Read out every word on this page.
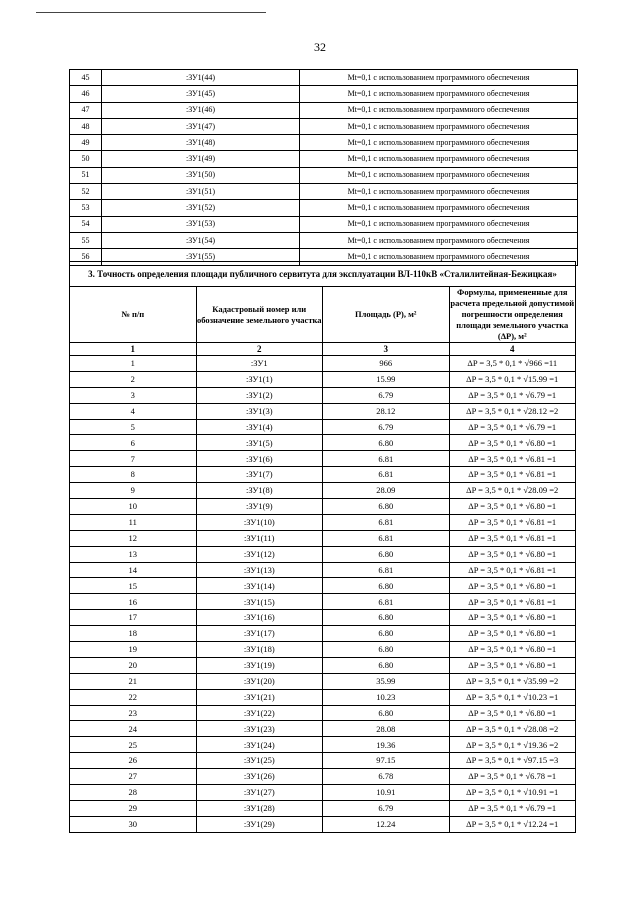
32
45	:ЗУ1(44)	Mt=0,1 с использованием программного обеспечения
46	:ЗУ1(45)	Mt=0,1 с использованием программного обеспечения
47	:ЗУ1(46)	Mt=0,1 с использованием программного обеспечения
48	:ЗУ1(47)	Mt=0,1 с использованием программного обеспечения
49	:ЗУ1(48)	Mt=0,1 с использованием программного обеспечения
50	:ЗУ1(49)	Mt=0,1 с использованием программного обеспечения
51	:ЗУ1(50)	Mt=0,1 с использованием программного обеспечения
52	:ЗУ1(51)	Mt=0,1 с использованием программного обеспечения
53	:ЗУ1(52)	Mt=0,1 с использованием программного обеспечения
54	:ЗУ1(53)	Mt=0,1 с использованием программного обеспечения
55	:ЗУ1(54)	Mt=0,1 с использованием программного обеспечения
56	:ЗУ1(55)	Mt=0,1 с использованием программного обеспечения
3. Точность определения площади публичного сервитута для эксплуатации ВЛ-110кВ «Сталилитейная-Бежицкая»			
№ п/п	Кадастровый номер или обозначение земельного участка	Площадь (P), м²	Формулы, примененные для расчета предельной допустимой погрешности определения площади земельного участка (ΔP), м²
1	2	3	4
1	:ЗУ1	966	ΔP = 3,5 * 0,1 * √966 =11
2	:ЗУ1(1)	15.99	ΔP = 3,5 * 0,1 * √15.99 =1
3	:ЗУ1(2)	6.79	ΔP = 3,5 * 0,1 * √6.79 =1
4	:ЗУ1(3)	28.12	ΔP = 3,5 * 0,1 * √28.12 =2
5	:ЗУ1(4)	6.79	ΔP = 3,5 * 0,1 * √6.79 =1
6	:ЗУ1(5)	6.80	ΔP = 3,5 * 0,1 * √6.80 =1
7	:ЗУ1(6)	6.81	ΔP = 3,5 * 0,1 * √6.81 =1
8	:ЗУ1(7)	6.81	ΔP = 3,5 * 0,1 * √6.81 =1
9	:ЗУ1(8)	28.09	ΔP = 3,5 * 0,1 * √28.09 =2
10	:ЗУ1(9)	6.80	ΔP = 3,5 * 0,1 * √6.80 =1
11	:ЗУ1(10)	6.81	ΔP = 3,5 * 0,1 * √6.81 =1
12	:ЗУ1(11)	6.81	ΔP = 3,5 * 0,1 * √6.81 =1
13	:ЗУ1(12)	6.80	ΔP = 3,5 * 0,1 * √6.80 =1
14	:ЗУ1(13)	6.81	ΔP = 3,5 * 0,1 * √6.81 =1
15	:ЗУ1(14)	6.80	ΔP = 3,5 * 0,1 * √6.80 =1
16	:ЗУ1(15)	6.81	ΔP = 3,5 * 0,1 * √6.81 =1
17	:ЗУ1(16)	6.80	ΔP = 3,5 * 0,1 * √6.80 =1
18	:ЗУ1(17)	6.80	ΔP = 3,5 * 0,1 * √6.80 =1
19	:ЗУ1(18)	6.80	ΔP = 3,5 * 0,1 * √6.80 =1
20	:ЗУ1(19)	6.80	ΔP = 3,5 * 0,1 * √6.80 =1
21	:ЗУ1(20)	35.99	ΔP = 3,5 * 0,1 * √35.99 =2
22	:ЗУ1(21)	10.23	ΔP = 3,5 * 0,1 * √10.23 =1
23	:ЗУ1(22)	6.80	ΔP = 3,5 * 0,1 * √6.80 =1
24	:ЗУ1(23)	28.08	ΔP = 3,5 * 0,1 * √28.08 =2
25	:ЗУ1(24)	19.36	ΔP = 3,5 * 0,1 * √19.36 =2
26	:ЗУ1(25)	97.15	ΔP = 3,5 * 0,1 * √97.15 =3
27	:ЗУ1(26)	6.78	ΔP = 3,5 * 0,1 * √6.78 =1
28	:ЗУ1(27)	10.91	ΔP = 3,5 * 0,1 * √10.91 =1
29	:ЗУ1(28)	6.79	ΔP = 3,5 * 0,1 * √6.79 =1
30	:ЗУ1(29)	12.24	ΔP = 3,5 * 0,1 * √12.24 =1
